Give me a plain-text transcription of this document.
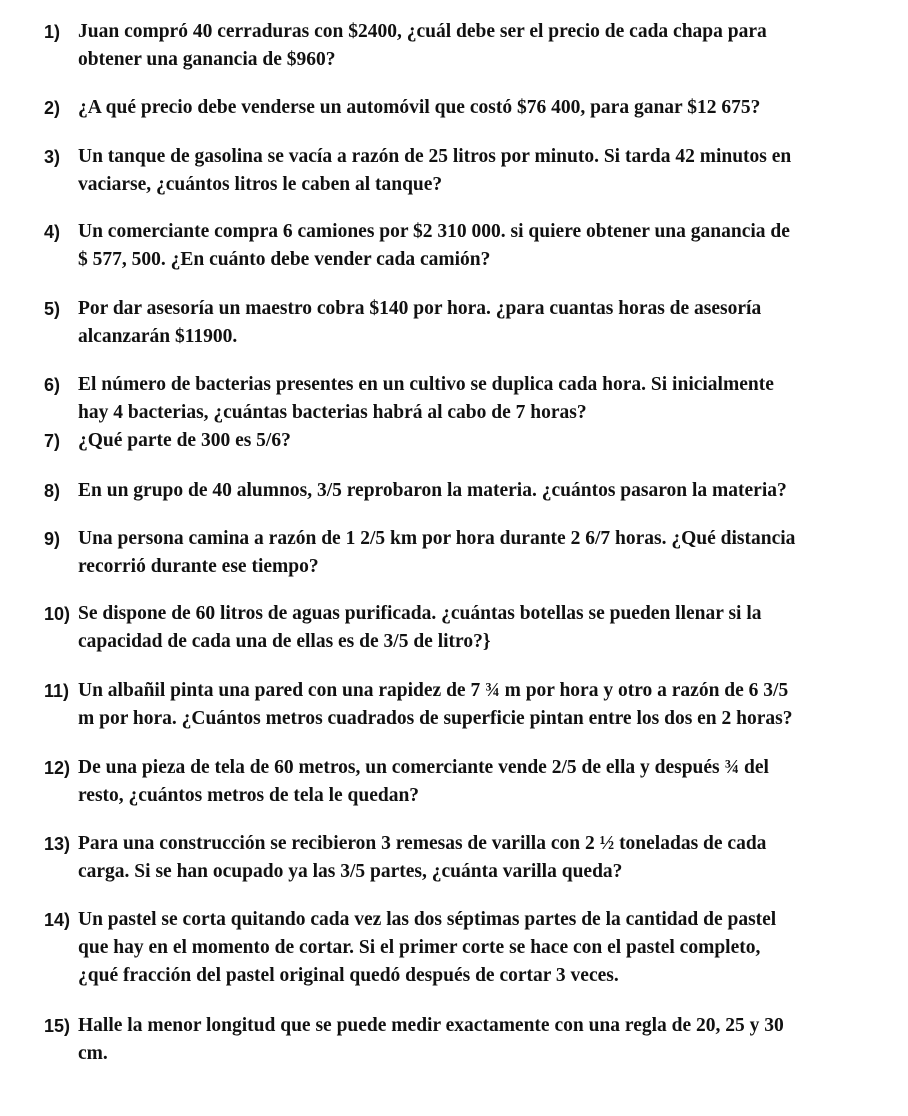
1) Juan compró 40 cerraduras con $2400, ¿cuál debe ser el precio de cada chapa para
obtener una ganancia de $960?
2) ¿A qué precio debe venderse un automóvil que costó $76 400, para ganar $12 675?
3) Un tanque de gasolina se vacía a razón de 25 litros por minuto. Si tarda 42 minutos en
vaciarse, ¿cuántos litros le caben al tanque?
4) Un comerciante compra 6 camiones por $2 310 000. si quiere obtener una ganancia de
$ 577, 500. ¿En cuánto debe vender cada camión?
5) Por dar asesoría un maestro cobra $140 por hora. ¿para cuantas horas de asesoría
alcanzarán $11900.
6) El número de bacterias presentes en un cultivo se duplica cada hora. Si inicialmente
hay 4 bacterias, ¿cuántas bacterias habrá al cabo de 7 horas?
7) ¿Qué parte de 300 es 5/6?
8) En un grupo de 40 alumnos, 3/5 reprobaron la materia. ¿cuántos pasaron la materia?
9) Una persona camina a razón de 1 2/5 km por hora durante 2 6/7 horas. ¿Qué distancia
recorrió durante ese tiempo?
10) Se dispone de 60 litros de aguas purificada. ¿cuántas botellas se pueden llenar si la
capacidad de cada una de ellas es de 3/5 de litro?}
11) Un albañil pinta una pared con una rapidez de 7 ¾ m por hora y otro a razón de 6 3/5
m por hora. ¿Cuántos metros cuadrados de superficie pintan entre los dos en 2 horas?
12) De una pieza de tela de 60 metros, un comerciante vende 2/5 de ella y después ¾ del
resto, ¿cuántos metros de tela le quedan?
13) Para una construcción se recibieron 3 remesas de varilla con 2 ½ toneladas de cada
carga. Si se han ocupado ya las 3/5 partes, ¿cuánta varilla queda?
14) Un pastel se corta quitando cada vez las dos séptimas partes de la cantidad de pastel
que hay en el momento de cortar. Si el primer corte se hace con el pastel completo,
¿qué fracción del pastel original quedó después de cortar 3 veces.
15) Halle la menor longitud que se puede medir exactamente con una regla de 20, 25 y 30
cm.
